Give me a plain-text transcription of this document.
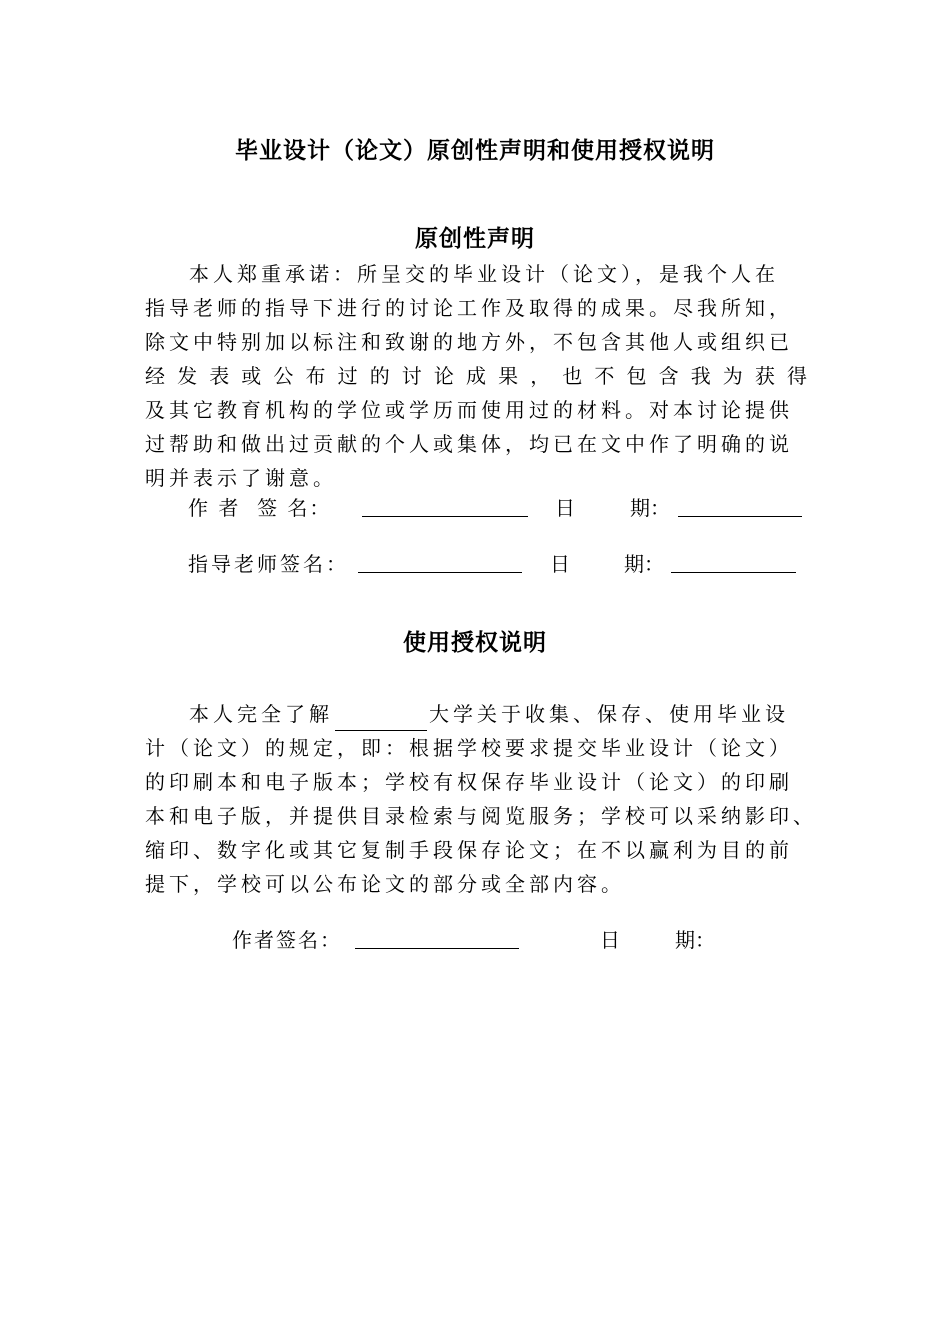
毕业设计（论文）原创性声明和使用授权说明
原创性声明
本人郑重承诺：所呈交的毕业设计（论文），是我个人在
指导老师的指导下进行的讨论工作及取得的成果。尽我所知，
除文中特别加以标注和致谢的地方外，不包含其他人或组织已
经发表或公布过的讨论成果，也不包含我为获得
及其它教育机构的学位或学历而使用过的材料。对本讨论提供
过帮助和做出过贡献的个人或集体，均已在文中作了明确的说
明并表示了谢意。
作 者  签 名：	日	期：
指导老师签名：	日	期：
使用授权说明
本人完全了解	大学关于收集、保存、使用毕业设
计（论文）的规定，即：根据学校要求提交毕业设计（论文）
的印刷本和电子版本；学校有权保存毕业设计（论文）的印刷
本和电子版，并提供目录检索与阅览服务；学校可以采纳影印、
缩印、数字化或其它复制手段保存论文；在不以赢利为目的前
提下，学校可以公布论文的部分或全部内容。
作者签名：	日	期：
